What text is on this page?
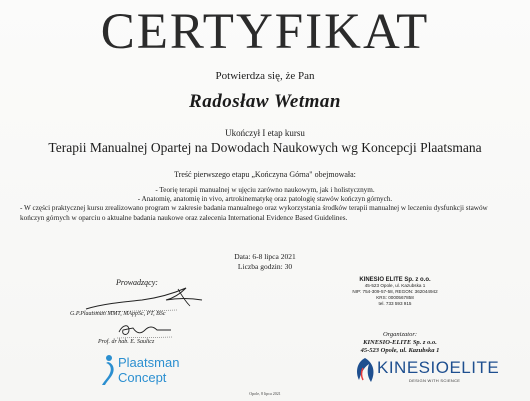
CERTYFIKAT
Potwierdza się, że Pan
Radosław Wetman
Ukończył I etap kursu
Terapii Manualnej Opartej na Dowodach Naukowych wg Koncepcji Plaatsmana
Treść pierwszego etapu „Kończyna Górna" obejmowała:

- Teorię terapii manualnej w ujęciu zarówno naukowym, jak i holistycznym.

- Anatomię, anatomię in vivo, artrokinematykę oraz patologię stawów kończyn górnych.

- W części praktycznej kursu zrealizowano program w zakresie badania manualnego oraz wykorzystania środków terapii manualnej w leczeniu dysfunkcji stawów kończyn górnych w oparciu o aktualne badania naukowe oraz zalecenia International Evidence Based Guidelines.

Data: 6-8 lipca 2021
Liczba godzin: 30
Prowadzący:
G.P.Plaatsman MMT, MAppSc, PT, BSc
Prof. dr hab. E. Saulicz
Plaatsman
Concept
KINESIO ELITE Sp. z o.o.
45-523 Opole, ul. Kazubska 1
NIP: 754-309-57-58, REGON: 362044942
KRS: 0000567858
tel. 733 593 915
Organizator:
KINESIO-ELITE Sp. z o.o.
45-523 Opole, ul. Kazubska 1
KINESIOELITE
DESIGN WITH SCIENCE
Opole, 8 lipca 2021
